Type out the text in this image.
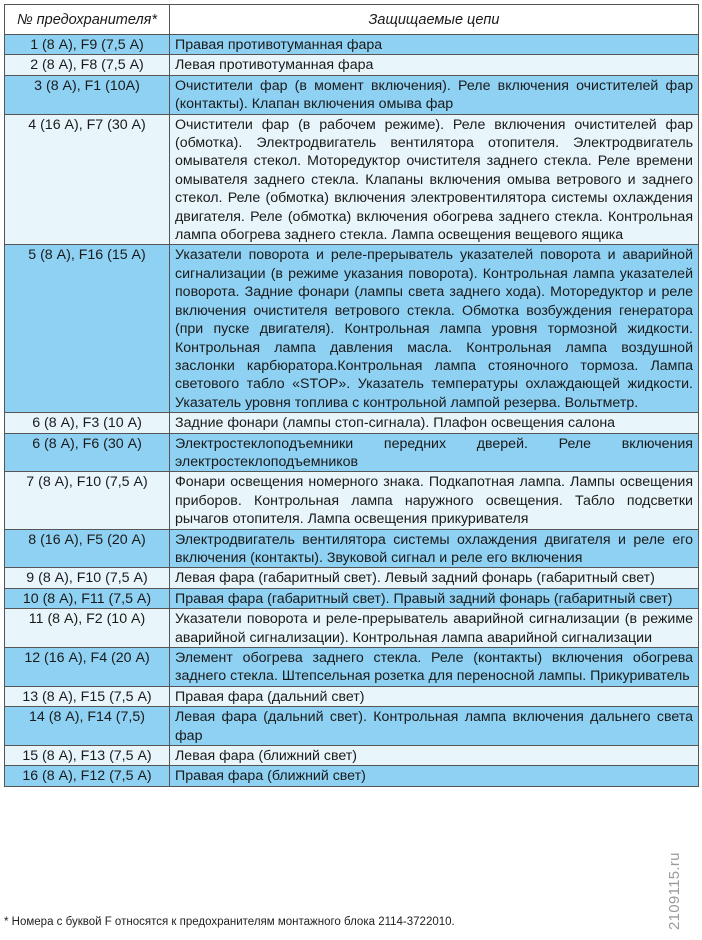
№ предохранителя*	Защищаемые цепи
1 (8 А), F9 (7,5 А)	Правая противотуманная фара
2 (8 А), F8 (7,5 А)	Левая противотуманная фара
3 (8 А), F1 (10А)	Очистители фар (в момент включения). Реле включения очистителей фар (контакты). Клапан включения омыва фар
4 (16 А), F7 (30 А)	Очистители фар (в рабочем режиме). Реле включения очистителей фар (обмотка). Электродвигатель вентилятора отопителя. Электродвигатель омывателя стекол. Моторедуктор очистителя заднего стекла. Реле времени омывателя заднего стекла. Клапаны включения омыва ветрового и заднего стекол. Реле (обмотка) включения электровентилятора системы охлаждения двигателя. Реле (обмотка) включения обогрева заднего стекла. Контрольная лампа обогрева заднего стекла. Лампа освещения вещевого ящика
5 (8 А), F16 (15 А)	Указатели поворота и реле-прерыватель указателей поворота и аварийной сигнализации (в режиме указания поворота). Контрольная лампа указателей поворота. Задние фонари (лампы света заднего хода). Моторедуктор и реле включения очистителя ветрового стекла. Обмотка возбуждения генератора (при пуске двигателя). Контрольная лампа уровня тормозной жидкости. Контрольная лампа давления масла. Контрольная лампа воздушной заслонки карбюратора.Контрольная лампа стояночного тормоза. Лампа светового табло «STOP». Указатель температуры охлаждающей жидкости. Указатель уровня топлива с контрольной лампой резерва. Вольтметр.
6 (8 А), F3 (10 А)	Задние фонари (лампы стоп-сигнала). Плафон освещения салона
6 (8 А), F6 (30 А)	Электростеклоподъемники передних дверей. Реле включения электростеклоподъемников
7 (8 А), F10 (7,5 А)	Фонари освещения номерного знака. Подкапотная лампа. Лампы освещения приборов. Контрольная лампа наружного освещения. Табло подсветки рычагов отопителя. Лампа освещения прикуривателя
8 (16 А), F5 (20 А)	Электродвигатель вентилятора системы охлаждения двигателя и реле его включения (контакты). Звуковой сигнал и реле его включения
9 (8 А), F10 (7,5 А)	Левая фара (габаритный свет). Левый задний фонарь (габаритный свет)
10 (8 А), F11 (7,5 А)	Правая фара (габаритный свет). Правый задний фонарь (габаритный свет)
11 (8 А), F2 (10 А)	Указатели поворота и реле-прерыватель аварийной сигнализации (в режиме аварийной сигнализации). Контрольная лампа аварийной сигнализации
12 (16 А), F4 (20 А)	Элемент обогрева заднего стекла. Реле (контакты) включения обогрева заднего стекла. Штепсельная розетка для переносной лампы. Прикуриватель
13 (8 А), F15 (7,5 А)	Правая фара (дальний свет)
14 (8 А), F14 (7,5)	Левая фара (дальний свет). Контрольная лампа включения дальнего света фар
15 (8 А), F13 (7,5 А)	Левая фара (ближний свет)
16 (8 А), F12 (7,5 А)	Правая фара (ближний свет)
* Номера с буквой F относятся к предохранителям монтажного блока 2114-3722010.	2109115.ru
